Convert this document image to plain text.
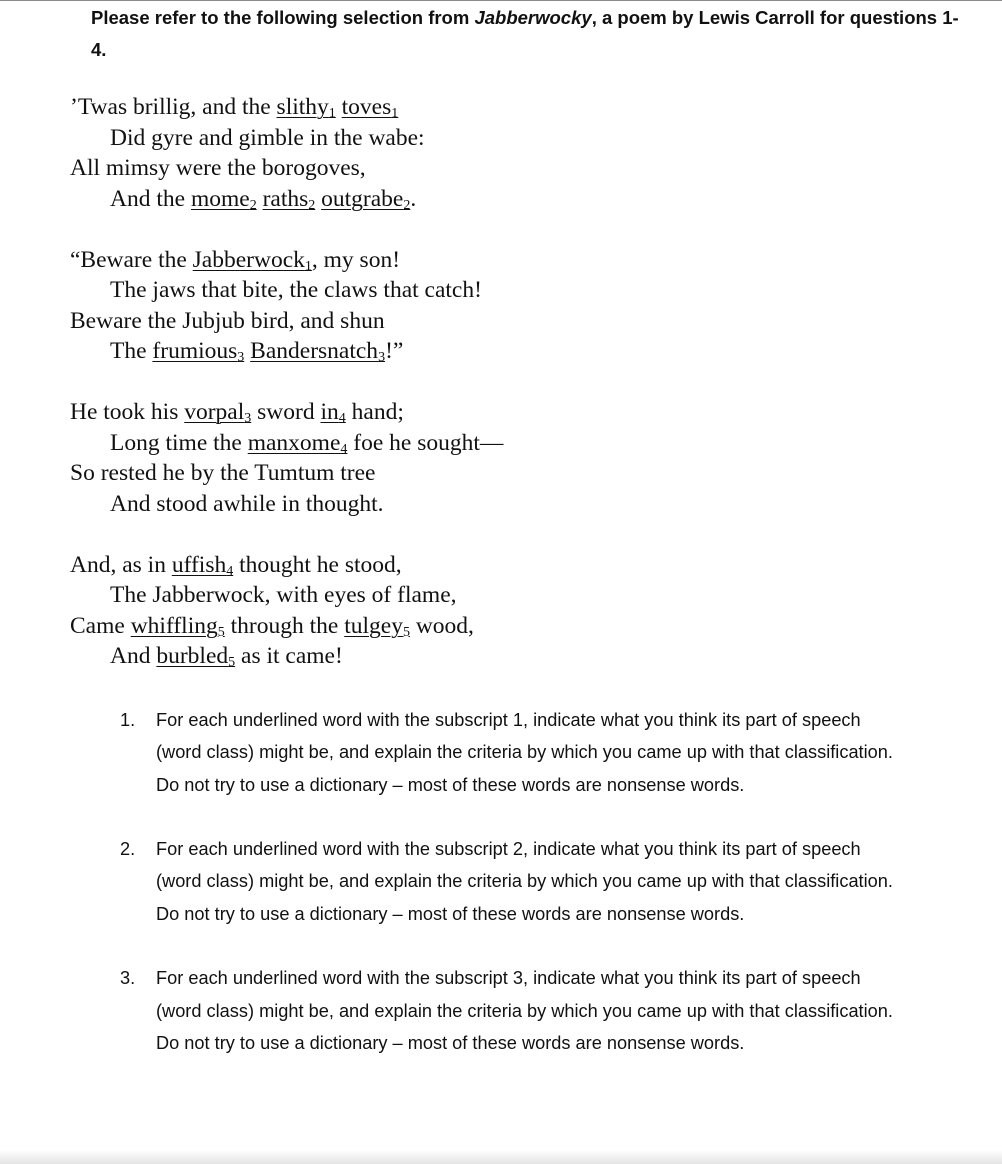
Please refer to the following selection from Jabberwocky, a poem by Lewis Carroll for questions 1-4.
’Twas brillig, and the slithy$_1$ toves$_1$
Did gyre and gimble in the wabe:
All mimsy were the borogoves,
And the mome$_2$ raths$_2$ outgrabe$_2$.
“Beware the Jabberwock$_1$, my son!
The jaws that bite, the claws that catch!
Beware the Jubjub bird, and shun
The frumious$_3$ Bandersnatch$_3$!”
He took his vorpal$_3$ sword $in_4$ hand;
Long time the manxome$_4$ foe he sought—
So rested he by the Tumtum tree
And stood awhile in thought.
And, as in uffish$_4$ thought he stood,
The Jabberwock, with eyes of flame,
Came whiffling$_5$ through the tulgey$_5$ wood,
And burbled$_5$ as it came!
1.	For each underlined word with the subscript 1, indicate what you think its part of speech (word class) might be, and explain the criteria by which you came up with that classification. Do not try to use a dictionary – most of these words are nonsense words.
2.	For each underlined word with the subscript 2, indicate what you think its part of speech (word class) might be, and explain the criteria by which you came up with that classification. Do not try to use a dictionary – most of these words are nonsense words.
3.	For each underlined word with the subscript 3, indicate what you think its part of speech (word class) might be, and explain the criteria by which you came up with that classification. Do not try to use a dictionary – most of these words are nonsense words.
